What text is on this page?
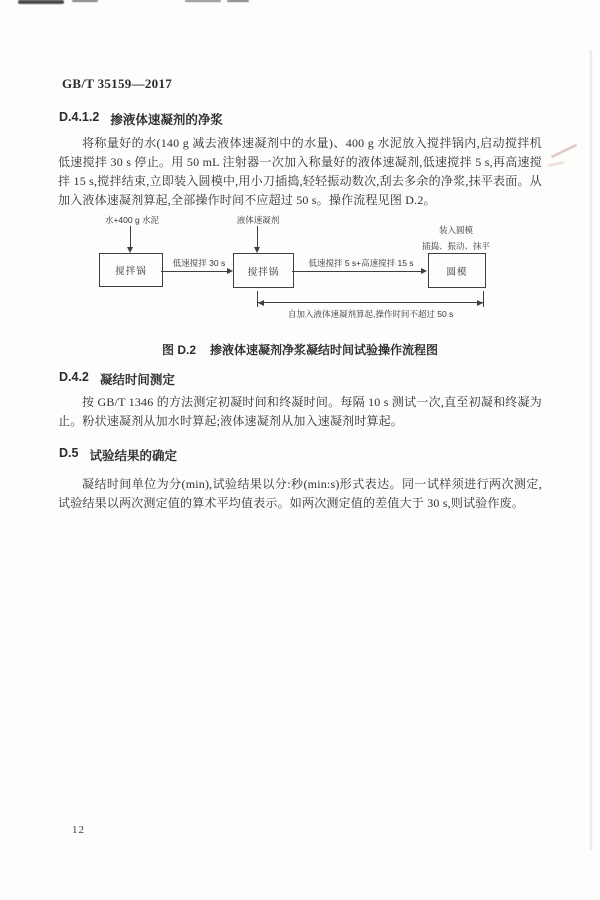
GB/T 35159—2017
D.4.1.2 掺液体速凝剂的净浆
将称量好的水(140 g 减去液体速凝剂中的水量)、400 g 水泥放入搅拌锅内,启动搅拌机低速搅拌 30 s 停止。用 50 mL 注射器一次加入称量好的液体速凝剂,低速搅拌 5 s,再高速搅拌 15 s,搅拌结束,立即装入圆模中,用小刀插捣,轻轻振动数次,刮去多余的净浆,抹平表面。从加入液体速凝剂算起,全部操作时间不应超过 50 s。操作流程见图 D.2。
水+400 g 水泥	液体速凝剂
搅拌锅
低速搅拌 30 s
搅拌锅
低速搅拌 5 s+高速搅拌 15 s
装入圆模
插捣、振动、抹平
圆模
自加入液体速凝剂算起,操作时间不超过 50 s
图 D.2 掺液体速凝剂净浆凝结时间试验操作流程图
D.4.2 凝结时间测定
按 GB/T 1346 的方法测定初凝时间和终凝时间。每隔 10 s 测试一次,直至初凝和终凝为止。粉状速凝剂从加水时算起;液体速凝剂从加入速凝剂时算起。
D.5 试验结果的确定
凝结时间单位为分(min),试验结果以分:秒(min:s)形式表达。同一试样须进行两次测定,试验结果以两次测定值的算术平均值表示。如两次测定值的差值大于 30 s,则试验作废。
12
